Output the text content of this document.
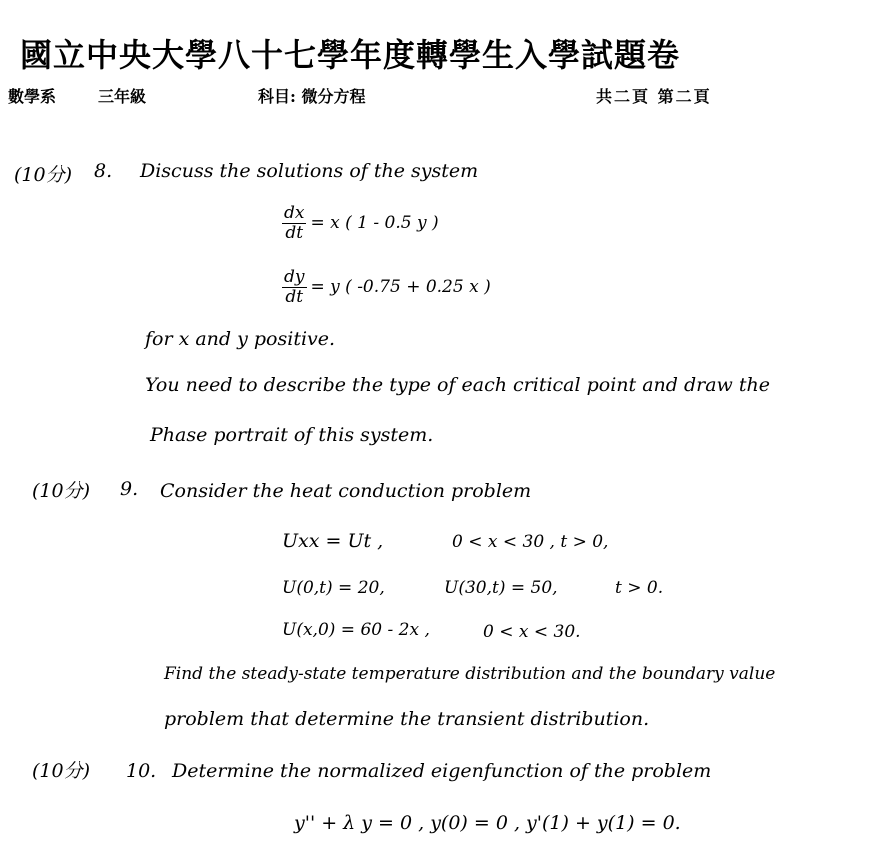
國立中央大學八十七學年度轉學生入學試題卷
數學系	三年級	科目: 微分方程	共二頁 第二頁
(10分) 8. Discuss the solutions of the system
$\frac{dx}{dt} = x$ ( 1 - 0.5 y )
$\frac{dy}{dt} = y$ ( -0.75 + 0.25 x )
for x and y positive.
You need to describe the type of each critical point and draw the
Phase portrait of this system.
(10分) 9. Consider the heat conduction problem
Uxx = Ut ,	0 < x < 30 , t > 0,
U(0,t) = 20,	U(30,t) = 50,	t > 0.
U(x,0) = 60 - 2x ,	0 < x < 30.
Find the steady-state temperature distribution and the boundary value
problem that determine the transient distribution.
(10分) 10. Determine the normalized eigenfunction of the problem
y'' + λ y = 0 , y(0) = 0 , y'(1) + y(1) = 0.
